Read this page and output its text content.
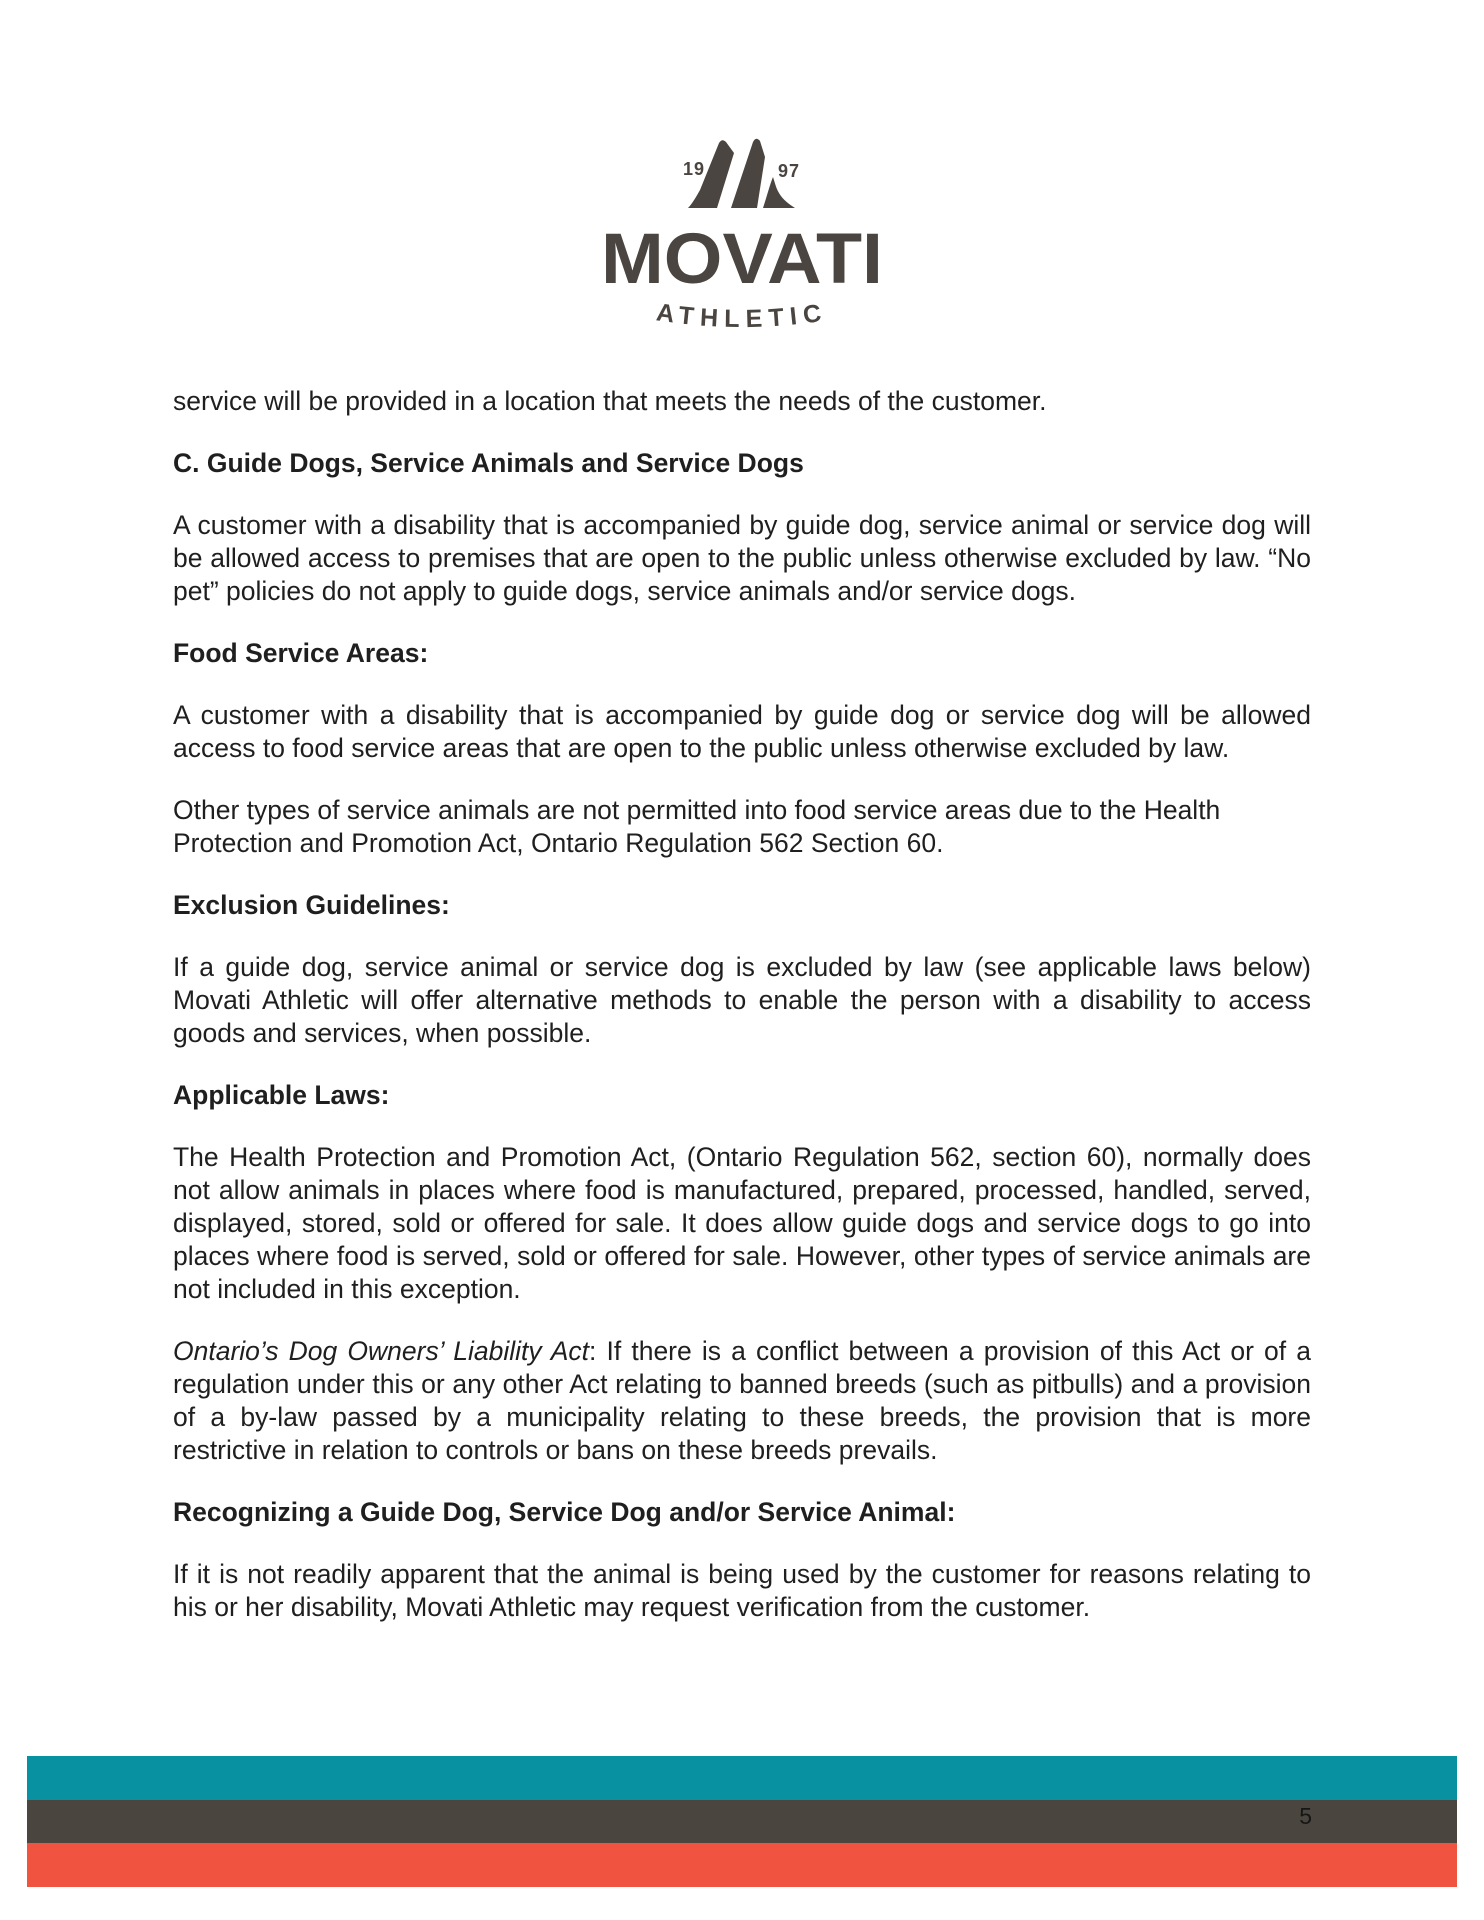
19	97
MOVATI
ATHLETIC

service will be provided in a location that meets the needs of the customer.

C. Guide Dogs, Service Animals and Service Dogs

A customer with a disability that is accompanied by guide dog, service animal or service dog will be allowed access to premises that are open to the public unless otherwise excluded by law. “No pet” policies do not apply to guide dogs, service animals and/or service dogs.

Food Service Areas:

A customer with a disability that is accompanied by guide dog or service dog will be allowed access to food service areas that are open to the public unless otherwise excluded by law.

Other types of service animals are not permitted into food service areas due to the Health Protection and Promotion Act, Ontario Regulation 562 Section 60.

Exclusion Guidelines:

If a guide dog, service animal or service dog is excluded by law (see applicable laws below) Movati Athletic will offer alternative methods to enable the person with a disability to access goods and services, when possible.

Applicable Laws:

The Health Protection and Promotion Act, (Ontario Regulation 562, section 60), normally does not allow animals in places where food is manufactured, prepared, processed, handled, served, displayed, stored, sold or offered for sale. It does allow guide dogs and service dogs to go into places where food is served, sold or offered for sale. However, other types of service animals are not included in this exception.

Ontario’s Dog Owners’ Liability Act: If there is a conflict between a provision of this Act or of a regulation under this or any other Act relating to banned breeds (such as pitbulls) and a provision of a by-law passed by a municipality relating to these breeds, the provision that is more restrictive in relation to controls or bans on these breeds prevails.

Recognizing a Guide Dog, Service Dog and/or Service Animal:

If it is not readily apparent that the animal is being used by the customer for reasons relating to his or her disability, Movati Athletic may request verification from the customer.

5
